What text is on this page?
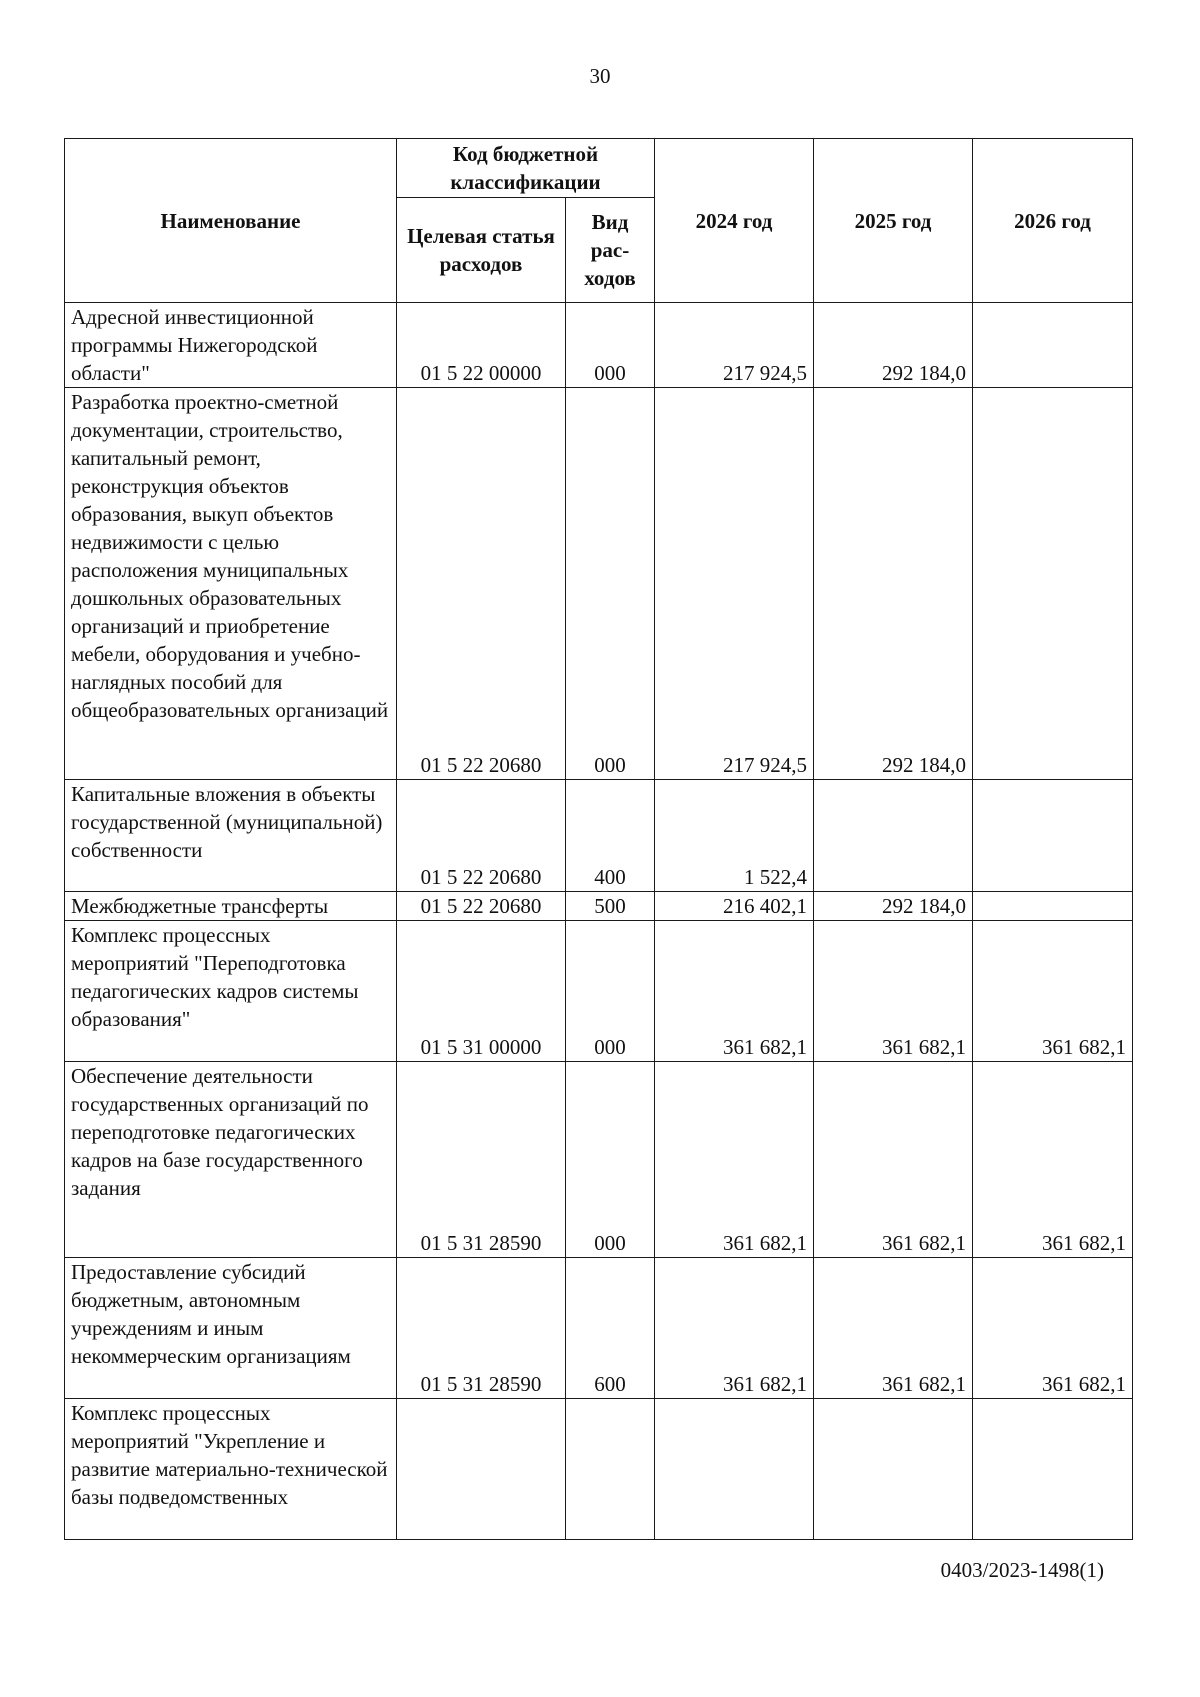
30
Наименование	Код бюджетной классификации		2024 год	2025 год	2026 год
	Целевая статья расходов	Вид рас-ходов			
Адресной инвестиционной программы Нижегородской области"	01 5 22 00000	000	217 924,5	292 184,0	
Разработка проектно-сметной документации, строительство, капитальный ремонт, реконструкция объектов образования, выкуп объектов недвижимости с целью расположения муниципальных дошкольных образовательных организаций и приобретение мебели, оборудования и учебно-наглядных пособий для общеобразовательных организаций	01 5 22 20680	000	217 924,5	292 184,0	
Капитальные вложения в объекты государственной (муниципальной) собственности	01 5 22 20680	400	1 522,4		
Межбюджетные трансферты	01 5 22 20680	500	216 402,1	292 184,0	
Комплекс процессных мероприятий "Переподготовка педагогических кадров системы образования"	01 5 31 00000	000	361 682,1	361 682,1	361 682,1
Обеспечение деятельности государственных организаций по переподготовке педагогических кадров на базе государственного задания	01 5 31 28590	000	361 682,1	361 682,1	361 682,1
Предоставление субсидий бюджетным, автономным учреждениям и иным некоммерческим организациям	01 5 31 28590	600	361 682,1	361 682,1	361 682,1
Комплекс процессных мероприятий "Укрепление и развитие материально-технической базы подведомственных					
0403/2023-1498(1)
